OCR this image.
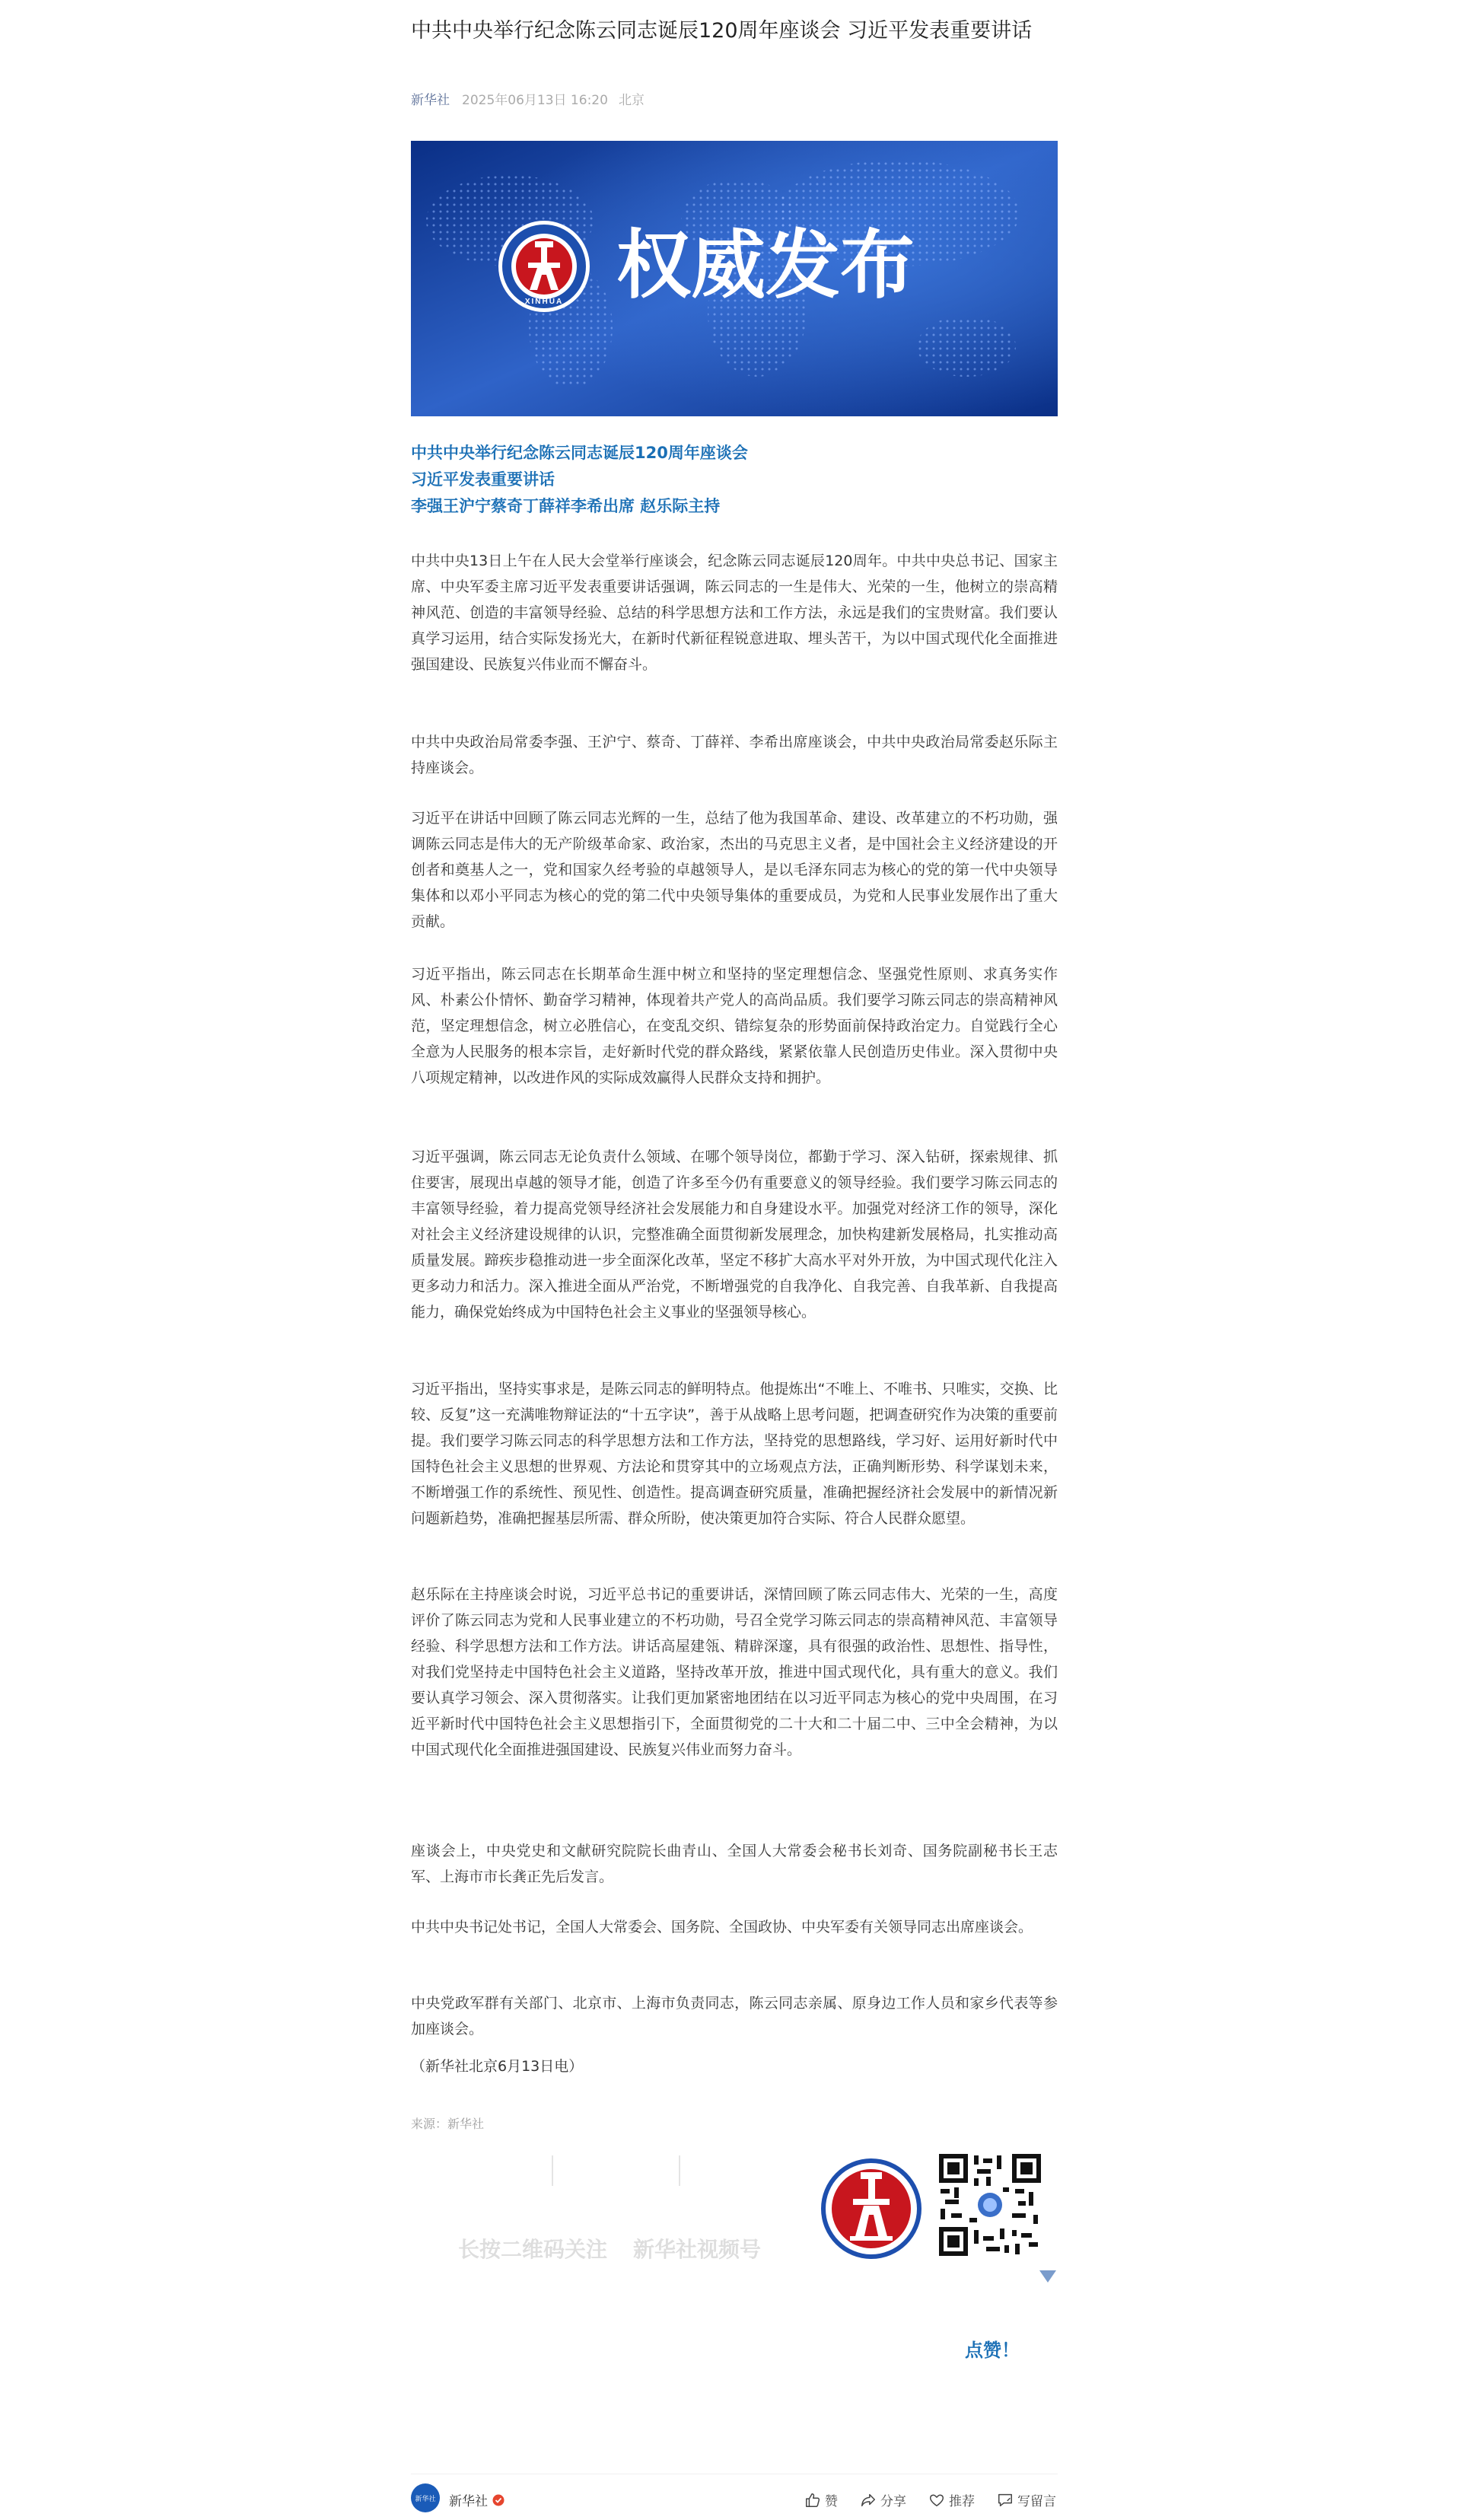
中共中央举行纪念陈云同志诞辰120周年座谈会 习近平发表重要讲话
新华社 2025年06月13日 16:20 北京
XINHUA 权威发布
中共中央举行纪念陈云同志诞辰120周年座谈会
习近平发表重要讲话
李强王沪宁蔡奇丁薛祥李希出席 赵乐际主持

中共中央13日上午在人民大会堂举行座谈会，纪念陈云同志诞辰120周年。中共中央总书记、国家主席、中央军委主席习近平发表重要讲话强调，陈云同志的一生是伟大、光荣的一生，他树立的崇高精神风范、创造的丰富领导经验、总结的科学思想方法和工作方法，永远是我们的宝贵财富。我们要认真学习运用，结合实际发扬光大，在新时代新征程锐意进取、埋头苦干，为以中国式现代化全面推进强国建设、民族复兴伟业而不懈奋斗。

中共中央政治局常委李强、王沪宁、蔡奇、丁薛祥、李希出席座谈会，中共中央政治局常委赵乐际主持座谈会。

习近平在讲话中回顾了陈云同志光辉的一生，总结了他为我国革命、建设、改革建立的不朽功勋，强调陈云同志是伟大的无产阶级革命家、政治家，杰出的马克思主义者，是中国社会主义经济建设的开创者和奠基人之一，党和国家久经考验的卓越领导人，是以毛泽东同志为核心的党的第一代中央领导集体和以邓小平同志为核心的党的第二代中央领导集体的重要成员，为党和人民事业发展作出了重大贡献。

习近平指出，陈云同志在长期革命生涯中树立和坚持的坚定理想信念、坚强党性原则、求真务实作风、朴素公仆情怀、勤奋学习精神，体现着共产党人的高尚品质。我们要学习陈云同志的崇高精神风范，坚定理想信念，树立必胜信心，在变乱交织、错综复杂的形势面前保持政治定力。自觉践行全心全意为人民服务的根本宗旨，走好新时代党的群众路线，紧紧依靠人民创造历史伟业。深入贯彻中央八项规定精神，以改进作风的实际成效赢得人民群众支持和拥护。

习近平强调，陈云同志无论负责什么领域、在哪个领导岗位，都勤于学习、深入钻研，探索规律、抓住要害，展现出卓越的领导才能，创造了许多至今仍有重要意义的领导经验。我们要学习陈云同志的丰富领导经验，着力提高党领导经济社会发展能力和自身建设水平。加强党对经济工作的领导，深化对社会主义经济建设规律的认识，完整准确全面贯彻新发展理念，加快构建新发展格局，扎实推动高质量发展。蹄疾步稳推动进一步全面深化改革，坚定不移扩大高水平对外开放，为中国式现代化注入更多动力和活力。深入推进全面从严治党，不断增强党的自我净化、自我完善、自我革新、自我提高能力，确保党始终成为中国特色社会主义事业的坚强领导核心。

习近平指出，坚持实事求是，是陈云同志的鲜明特点。他提炼出“不唯上、不唯书、只唯实，交换、比较、反复”这一充满唯物辩证法的“十五字诀”，善于从战略上思考问题，把调查研究作为决策的重要前提。我们要学习陈云同志的科学思想方法和工作方法，坚持党的思想路线，学习好、运用好新时代中国特色社会主义思想的世界观、方法论和贯穿其中的立场观点方法，正确判断形势、科学谋划未来，不断增强工作的系统性、预见性、创造性。提高调查研究质量，准确把握经济社会发展中的新情况新问题新趋势，准确把握基层所需、群众所盼，使决策更加符合实际、符合人民群众愿望。

赵乐际在主持座谈会时说，习近平总书记的重要讲话，深情回顾了陈云同志伟大、光荣的一生，高度评价了陈云同志为党和人民事业建立的不朽功勋，号召全党学习陈云同志的崇高精神风范、丰富领导经验、科学思想方法和工作方法。讲话高屋建瓴、精辟深邃，具有很强的政治性、思想性、指导性，对我们党坚持走中国特色社会主义道路，坚持改革开放，推进中国式现代化，具有重大的意义。我们要认真学习领会、深入贯彻落实。让我们更加紧密地团结在以习近平同志为核心的党中央周围，在习近平新时代中国特色社会主义思想指引下，全面贯彻党的二十大和二十届二中、三中全会精神，为以中国式现代化全面推进强国建设、民族复兴伟业而努力奋斗。

座谈会上，中央党史和文献研究院院长曲青山、全国人大常委会秘书长刘奇、国务院副秘书长王志军、上海市市长龚正先后发言。

中共中央书记处书记，全国人大常委会、国务院、全国政协、中央军委有关领导同志出席座谈会。

中央党政军群有关部门、北京市、上海市负责同志，陈云同志亲属、原身边工作人员和家乡代表等参加座谈会。

（新华社北京6月13日电）
来源：新华社
长按二维码关注 新华社视频号
点赞！
新华社 新华社	赞	分享	推荐	写留言
